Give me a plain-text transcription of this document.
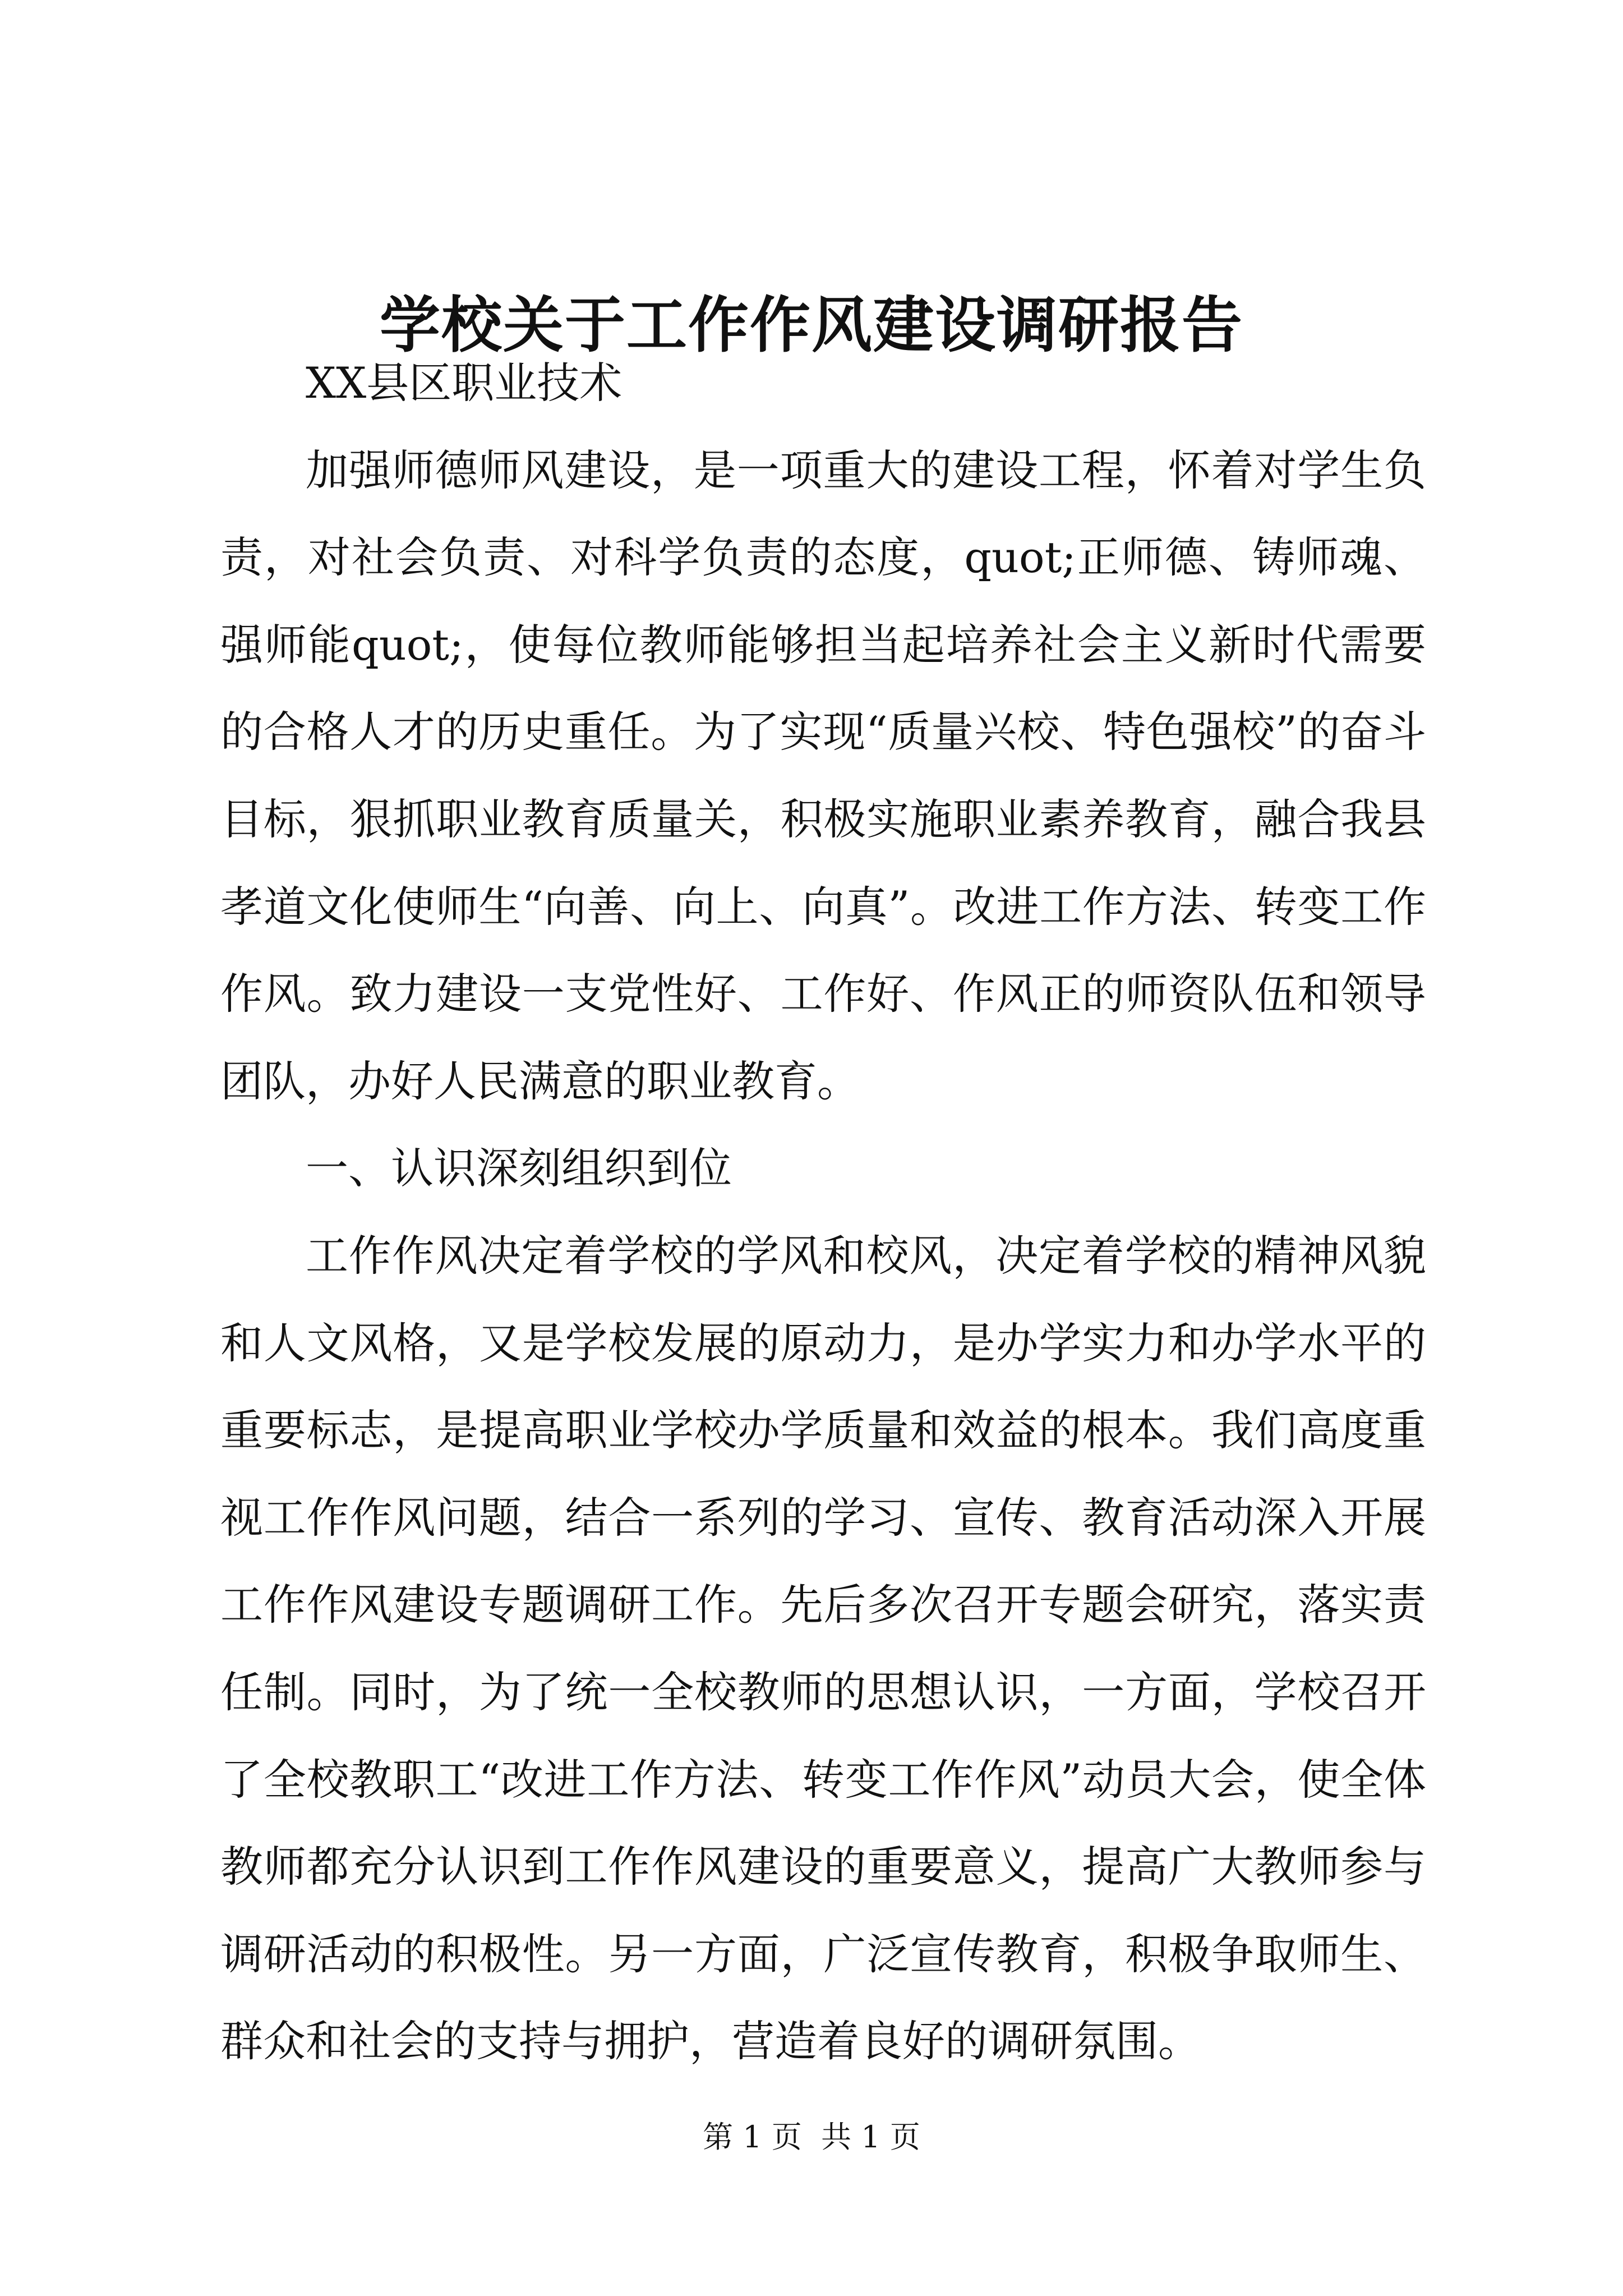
学校关于工作作风建设调研报告

XX县区职业技术

加强师德师风建设，是一项重大的建设工程，怀着对学生负责，对社会负责、对科学负责的态度，quot;正师德、铸师魂、强师能quot;，使每位教师能够担当起培养社会主义新时代需要的合格人才的历史重任。为了实现“质量兴校、特色强校”的奋斗目标，狠抓职业教育质量关，积极实施职业素养教育，融合我县孝道文化使师生“向善、向上、向真”。改进工作方法、转变工作作风。致力建设一支党性好、工作好、作风正的师资队伍和领导团队，办好人民满意的职业教育。

一、认识深刻组织到位

工作作风决定着学校的学风和校风，决定着学校的精神风貌和人文风格，又是学校发展的原动力，是办学实力和办学水平的重要标志，是提高职业学校办学质量和效益的根本。我们高度重视工作作风问题，结合一系列的学习、宣传、教育活动深入开展工作作风建设专题调研工作。先后多次召开专题会研究，落实责任制。同时，为了统一全校教师的思想认识，一方面，学校召开了全校教职工“改进工作方法、转变工作作风”动员大会，使全体教师都充分认识到工作作风建设的重要意义，提高广大教师参与调研活动的积极性。另一方面，广泛宣传教育，积极争取师生、群众和社会的支持与拥护，营造着良好的调研氛围。

第 1 页  共 1 页
